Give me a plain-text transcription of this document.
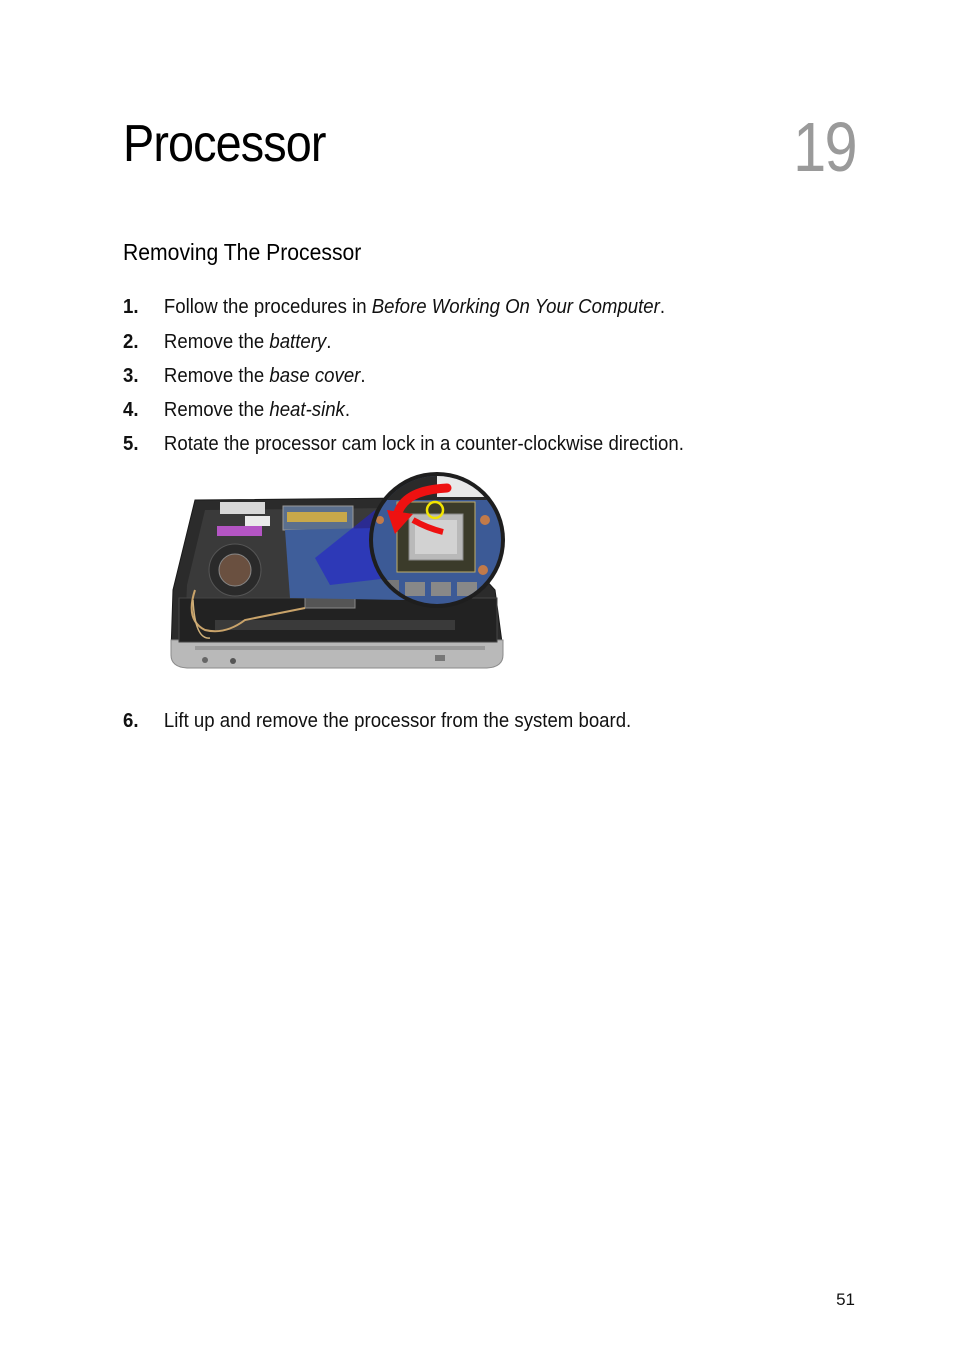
Processor	19
Removing The Processor
1. Follow the procedures in Before Working On Your Computer.
2. Remove the battery.
3. Remove the base cover.
4. Remove the heat-sink.
5. Rotate the processor cam lock in a counter-clockwise direction.
6. Lift up and remove the processor from the system board.
51
